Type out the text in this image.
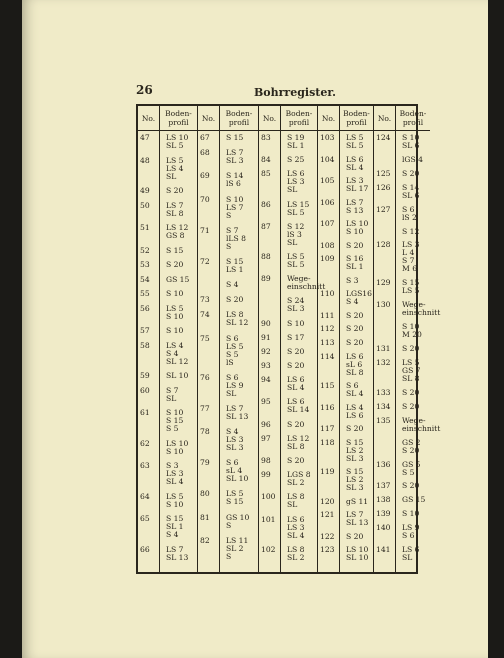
26	Bohrregister.
No.
47
48
49
50
51
52
53
54
55
56
57
58
59
60
61
62
63
64
65
66
Boden-
profil
LS 10
SL 5
LS 5
LS 4
SL
S 20
LS 7
SL 8
LS 12
GS 8
S 15
S 20
GS 15
S 10
LS 5
S 10
S 10
LS 4
S 4
SL 12
SL 10
S 7
SL
S 10
S 15
S 5
LS 10
S 10
S 3
LS 3
SL 4
LS 5
S 10
S 15
SL 1
S 4
LS 7
SL 13
No.
67
68
69
70
71
72
73
74
75
76
77
78
79
80
81
82
Boden-
profil
S 15
LS 7
SL 3
S 14
lS 6
S 10
LS 7
S
S 7
lLS 8
S
S 15
LS 1
S 4
S 20
LS 8
SL 12
S 6
LS 5
S 5
lS
S 6
LS 9
SL
LS 7
SL 13
S 4
LS 3
SL 3
S 6
sL 4
SL 10
LS 5
S 15
GS 10
S
LS 11
SL 2
S
No.
83
84
85
86
87
88
89
90
91
92
93
94
95
96
97
98
99
100
101
102
Boden-
profil
S 19
SL 1
S 25
LS 6
LS 3
SL
LS 15
SL 5
S 12
lS 3
SL
LS 5
SL 5
Wege-
einschnitt
S 24
SL 3
S 10
S 17
S 20
S 20
LS 6
SL 4
LS 6
SL 14
S 20
LS 12
SL 8
S 20
LGS 8
SL 2
LS 8
SL
LS 6
LS 3
SL 4
LS 8
SL 2
No.
103
104
105
106
107
108
109
110
111
112
113
114
115
116
117
118
119
120
121
122
123
Boden-
profil
LS 5
SL 5
LS 6
SL 4
LS 3
SL 17
LS 7
S 13
LS 10
S 10
S 20
S 16
SL 1
S 3
LGS16
S 4
S 20
S 20
S 20
LS 6
sL 6
SL 8
S 6
SL 4
LS 4
LS 6
S 20
S 15
LS 2
SL 3
S 15
LS 2
SL 3
gS 11
LS 7
SL 13
S 20
LS 10
SL 10
No.
124
125
126
127
128
129
130
131
132
133
134
135
136
137
138
139
140
141
Boden-
profil
S 10
SL 6
lGS 4
S 20
S 14
SL 6
S 6
lS 2
S 12
LS 3
L 4
S 7
M 6
S 15
LS 5
Wege-
einschnitt
S 10
M 20
S 20
LS 5
GS 7
SL 8
S 20
S 20
Wege-
einschnitt
GS 2
S 20
GS 5
S 5
S 20
GS 15
S 10
LS 9
S 6
LS 6
SL
